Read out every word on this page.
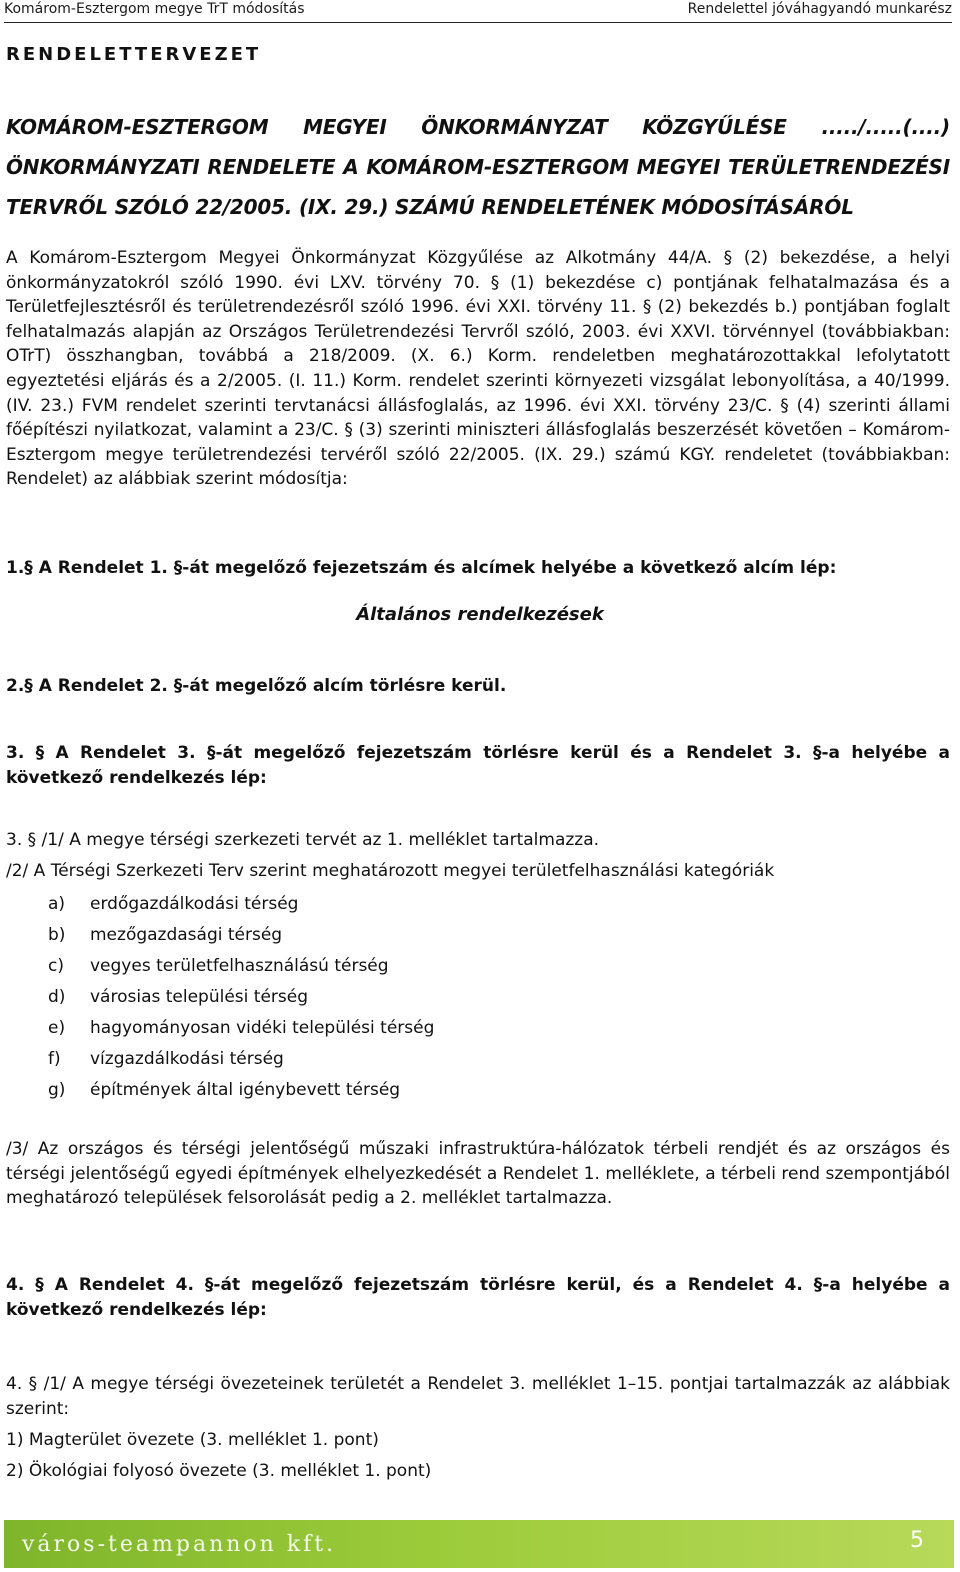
Komárom-Esztergom megye TrT módosítás	Rendelettel jóváhagyandó munkarész
RENDELETTERVEZET
KOMÁROM-ESZTERGOM MEGYEI ÖNKORMÁNYZAT KÖZGYŰLÉSE ...../.....(....) ÖNKORMÁNYZATI RENDELETE A KOMÁROM-ESZTERGOM MEGYEI TERÜLETRENDEZÉSI TERVRŐL SZÓLÓ 22/2005. (IX. 29.) SZÁMÚ RENDELETÉNEK MÓDOSÍTÁSÁRÓL
A Komárom-Esztergom Megyei Önkormányzat Közgyűlése az Alkotmány 44/A. § (2) bekezdése, a helyi önkormányzatokról szóló 1990. évi LXV. törvény 70. § (1) bekezdése c) pontjának felhatalmazása és a Területfejlesztésről és területrendezésről szóló 1996. évi XXI. törvény 11. § (2) bekezdés b.) pontjában foglalt felhatalmazás alapján az Országos Területrendezési Tervről szóló, 2003. évi XXVI. törvénnyel (továbbiakban: OTrT) összhangban, továbbá a 218/2009. (X. 6.) Korm. rendeletben meghatározottakkal lefolytatott egyeztetési eljárás és a 2/2005. (I. 11.) Korm. rendelet szerinti környezeti vizsgálat lebonyolítása, a 40/1999. (IV. 23.) FVM rendelet szerinti tervtanácsi állásfoglalás, az 1996. évi XXI. törvény 23/C. § (4) szerinti állami főépítészi nyilatkozat, valamint a 23/C. § (3) szerinti miniszteri állásfoglalás beszerzését követően – Komárom-Esztergom megye területrendezési tervéről szóló 22/2005. (IX. 29.) számú KGY. rendeletet (továbbiakban: Rendelet) az alábbiak szerint módosítja:
1.§ A Rendelet 1. §-át megelőző fejezetszám és alcímek helyébe a következő alcím lép:
Általános rendelkezések
2.§ A Rendelet 2. §-át megelőző alcím törlésre kerül.
3. § A Rendelet 3. §-át megelőző fejezetszám törlésre kerül és a Rendelet 3. §-a helyébe a következő rendelkezés lép:
3. § /1/ A megye térségi szerkezeti tervét az 1. melléklet tartalmazza.
/2/ A Térségi Szerkezeti Terv szerint meghatározott megyei területfelhasználási kategóriák
a) erdőgazdálkodási térség
b) mezőgazdasági térség
c) vegyes területfelhasználású térség
d) városias települési térség
e) hagyományosan vidéki települési térség
f) vízgazdálkodási térség
g) építmények által igénybevett térség
/3/ Az országos és térségi jelentőségű műszaki infrastruktúra-hálózatok térbeli rendjét és az országos és térségi jelentőségű egyedi építmények elhelyezkedését a Rendelet 1. melléklete, a térbeli rend szempontjából meghatározó települések felsorolását pedig a 2. melléklet tartalmazza.
4. § A Rendelet 4. §-át megelőző fejezetszám törlésre kerül, és a Rendelet 4. §-a helyébe a következő rendelkezés lép:
4. § /1/ A megye térségi övezeteinek területét a Rendelet 3. melléklet 1–15. pontjai tartalmazzák az alábbiak szerint:
1) Magterület övezete (3. melléklet 1. pont)
2) Ökológiai folyosó övezete (3. melléklet 1. pont)
város-teampannon kft.	5
